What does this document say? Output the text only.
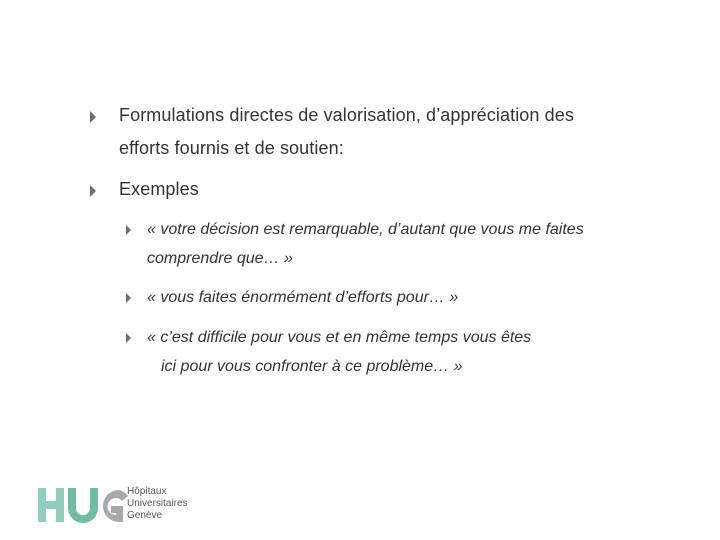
Formulations directes de valorisation, d’appréciation des
efforts fournis et de soutien:
Exemples
« votre décision est remarquable, d’autant que vous me faites
comprendre que… »
« vous faites énormément d’efforts pour… »
« c’est difficile pour vous et en même temps vous êtes
ici pour vous confronter à ce problème… »
Hôpitaux
Universitaires
Genève
